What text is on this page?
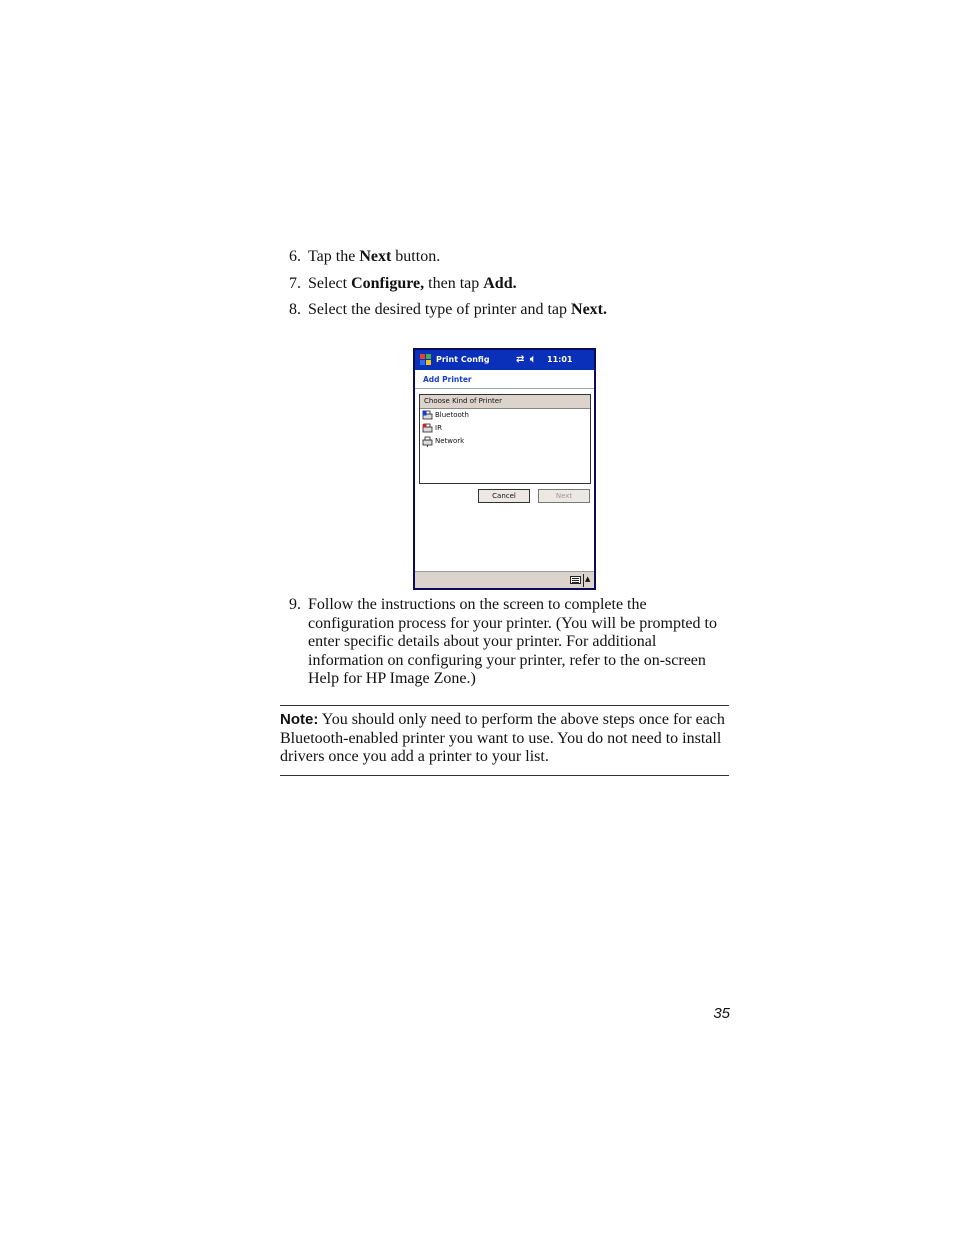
6. Tap the Next button.
7. Select Configure, then tap Add.
8. Select the desired type of printer and tap Next.
Print Config	⇄ 🔈︎ 11:01
Add Printer
Choose Kind of Printer
Bluetooth
IR
Network
Cancel	Next
▲
9. Follow the instructions on the screen to complete the configuration process for your printer. (You will be prompted to enter specific details about your printer. For additional information on configuring your printer, refer to the on-screen Help for HP Image Zone.)
Note: You should only need to perform the above steps once for each Bluetooth-enabled printer you want to use. You do not need to install drivers once you add a printer to your list.
35
